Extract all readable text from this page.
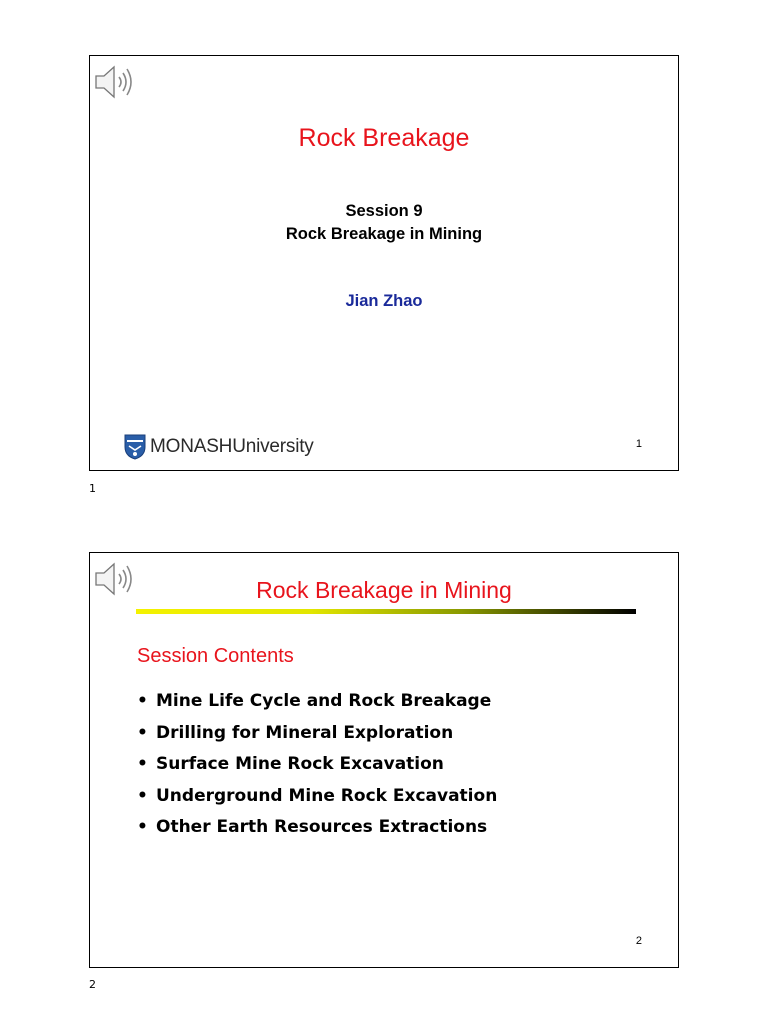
Rock Breakage
Session 9
Rock Breakage in Mining
Jian Zhao
MONASHUniversity	1
1
Rock Breakage in Mining
Session Contents
• Mine Life Cycle and Rock Breakage
• Drilling for Mineral Exploration
• Surface Mine Rock Excavation
• Underground Mine Rock Excavation
• Other Earth Resources Extractions
2
2
